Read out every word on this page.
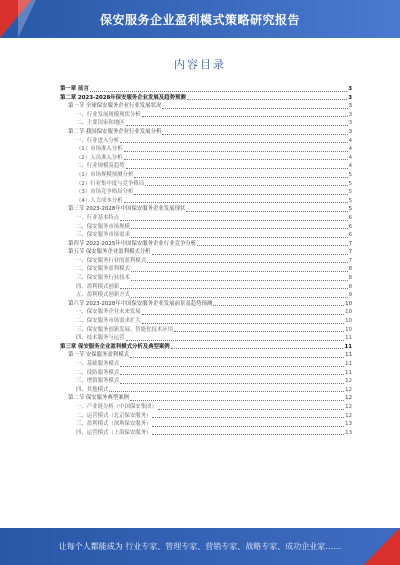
保安服务企业盈利模式策略研究报告
内容目录
第一章 前言	3
第二章 2023-2028年保安服务企业发展及趋势预测	3
第一节 全球保安服务企业行业发展状况	3
一、行业发展规模现状分析	3
二、主要国家和地区	3
第二节 我国保安服务企业行业发展分析	3
一、行业进入分析	4
（1）市场准入分析	4
（2）人员准入分析	4
二、行业规模及趋势	4
（1）市场规模预测分析	5
（2）行业集中度与竞争格局	5
（3）市场竞争格局分析	5
（4）人力成本分析	5
第三节 2023-2028年中国保安服务企业发展现状	5
一、行业基本特点	6
二、保安服务市场规模	6
三、保安服务市场需求	6
第四节 2022-2025年中国保安服务企业行业竞争分析	7
第五节 保安服务企业盈利模式分析	7
一、保安服务行业的盈利模式	7
二、保安服务盈利模式	8
三、保安服务行业技术	8
四、盈利模式创新	8
五、盈利模式创新方式	9
第六节 2023-2028年中国保安服务企业发展前景及趋势预测	10
一、保安服务企业未来发展	10
二、保安服务市场需求扩大	10
三、保安服务创新发展、智能化技术应用	10
四、技术服务与运营	11
第三章 保安服务企业盈利模式分析及典型案例	11
第一节 安保服务盈利模式	11
一、基础服务模式	11
二、技防服务模式	11
三、增值服务模式	12
四、其他模式	12
第二节 保安服务典型案例	12
一、产业链分析（中国保安集团）	12
二、运营模式（北京保安服务）	12
三、盈利模式（深圳保安服务）	13
四、运营模式（上海保安服务）	13
让每个人都能成为 行业专家、管理专家、营销专家、战略专家、成功企业家……
